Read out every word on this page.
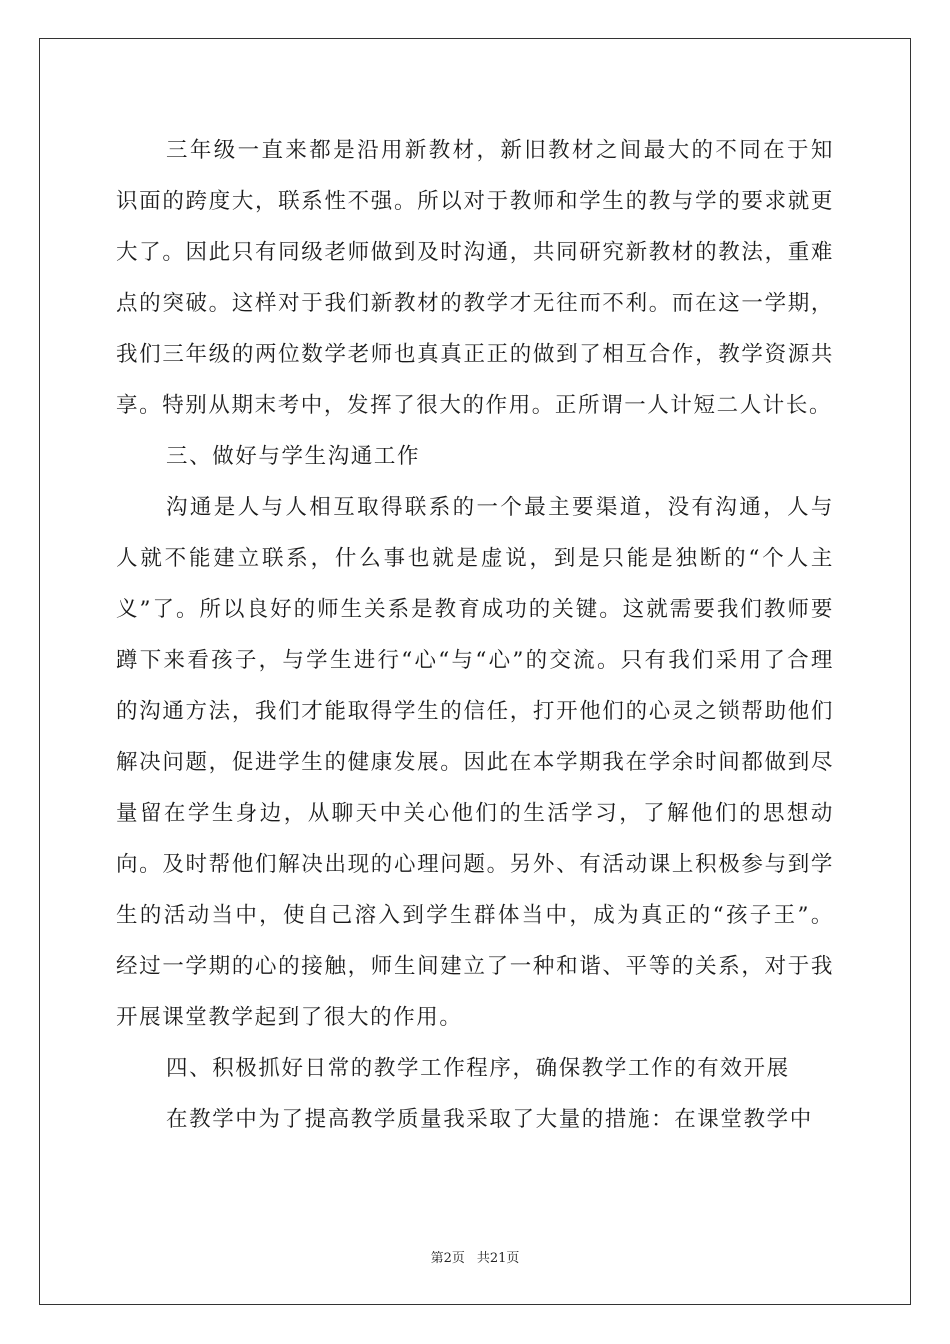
三年级一直来都是沿用新教材，新旧教材之间最大的不同在于知识面的跨度大，联系性不强。所以对于教师和学生的教与学的要求就更大了。因此只有同级老师做到及时沟通，共同研究新教材的教法，重难点的突破。这样对于我们新教材的教学才无往而不利。而在这一学期，我们三年级的两位数学老师也真真正正的做到了相互合作，教学资源共享。特别从期末考中，发挥了很大的作用。正所谓一人计短二人计长。

三、做好与学生沟通工作

沟通是人与人相互取得联系的一个最主要渠道，没有沟通，人与人就不能建立联系，什么事也就是虚说，到是只能是独断的“个人主义”了。所以良好的师生关系是教育成功的关键。这就需要我们教师要蹲下来看孩子，与学生进行“心“与“心”的交流。只有我们采用了合理的沟通方法，我们才能取得学生的信任，打开他们的心灵之锁帮助他们解决问题，促进学生的健康发展。因此在本学期我在学余时间都做到尽量留在学生身边，从聊天中关心他们的生活学习，了解他们的思想动向。及时帮他们解决出现的心理问题。另外、有活动课上积极参与到学生的活动当中，使自己溶入到学生群体当中，成为真正的“孩子王”。经过一学期的心的接触，师生间建立了一种和谐、平等的关系，对于我开展课堂教学起到了很大的作用。

四、积极抓好日常的教学工作程序，确保教学工作的有效开展

在教学中为了提高教学质量我采取了大量的措施：在课堂教学中

第2页 共21页
